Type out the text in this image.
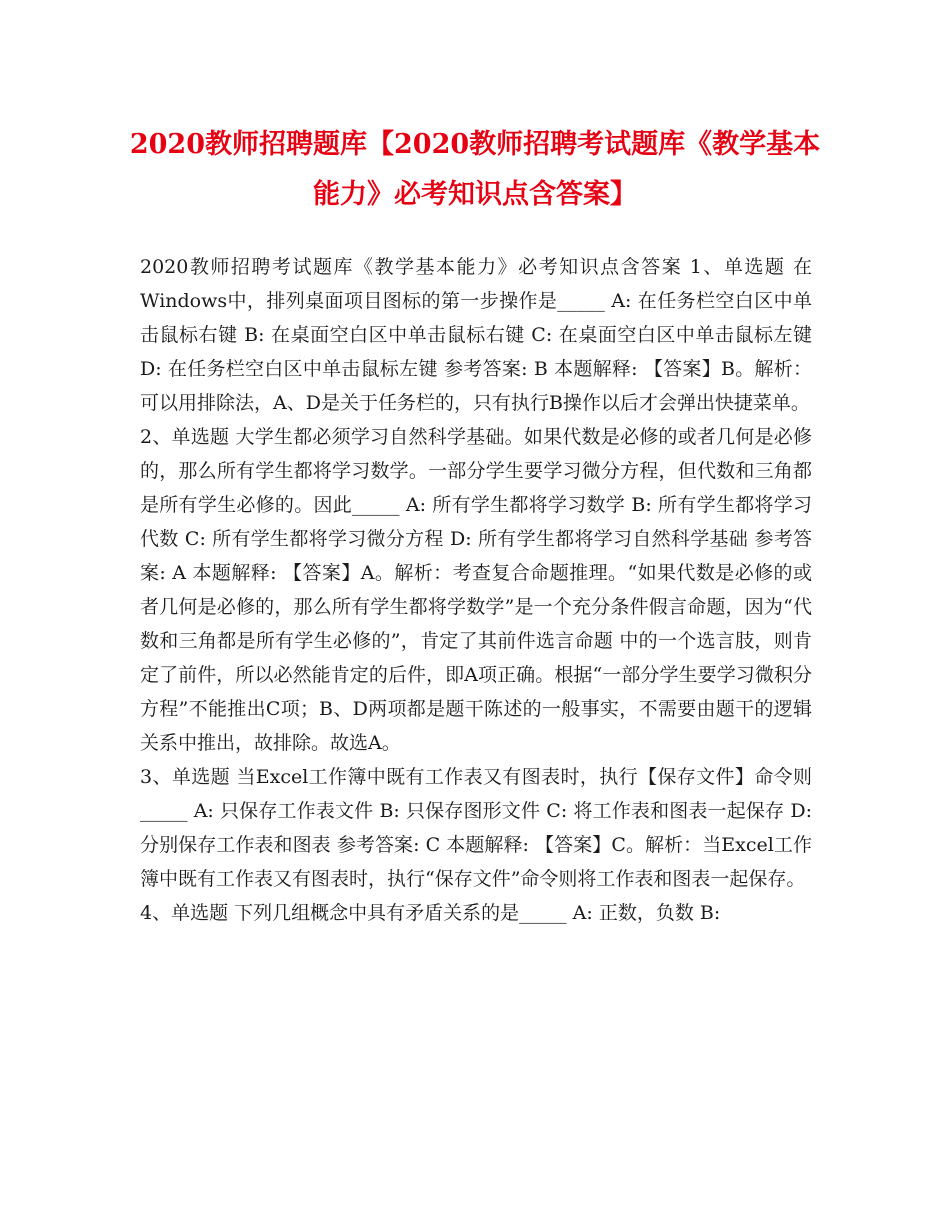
2020教师招聘题库【2020教师招聘考试题库《教学基本能力》必考知识点含答案】

2020教师招聘考试题库《教学基本能力》必考知识点含答案 1、单选题 在Windows中，排列桌面项目图标的第一步操作是_____ A: 在任务栏空白区中单击鼠标右键 B: 在桌面空白区中单击鼠标右键 C: 在桌面空白区中单击鼠标左键 D: 在任务栏空白区中单击鼠标左键 参考答案: B 本题解释: 【答案】B。解析：可以用排除法，A、D是关于任务栏的，只有执行B操作以后才会弹出快捷菜单。

2、单选题 大学生都必须学习自然科学基础。如果代数是必修的或者几何是必修的，那么所有学生都将学习数学。一部分学生要学习微分方程，但代数和三角都是所有学生必修的。因此_____ A: 所有学生都将学习数学 B: 所有学生都将学习代数 C: 所有学生都将学习微分方程 D: 所有学生都将学习自然科学基础 参考答案: A 本题解释: 【答案】A。解析：考查复合命题推理。“如果代数是必修的或者几何是必修的，那么所有学生都将学数学”是一个充分条件假言命题，因为“代数和三角都是所有学生必修的”，肯定了其前件选言命题 中的一个选言肢，则肯定了前件，所以必然能肯定的后件，即A项正确。根据“一部分学生要学习微积分 方程”不能推出C项；B、D两项都是题干陈述的一般事实，不需要由题干的逻辑关系中推出，故排除。故选A。

3、单选题 当Excel工作簿中既有工作表又有图表时，执行【保存文件】命令则_____ A: 只保存工作表文件 B: 只保存图形文件 C: 将工作表和图表一起保存 D: 分别保存工作表和图表 参考答案: C 本题解释: 【答案】C。解析：当Excel工作簿中既有工作表又有图表时，执行“保存文件”命令则将工作表和图表一起保存。

4、单选题 下列几组概念中具有矛盾关系的是_____ A: 正数，负数 B:
